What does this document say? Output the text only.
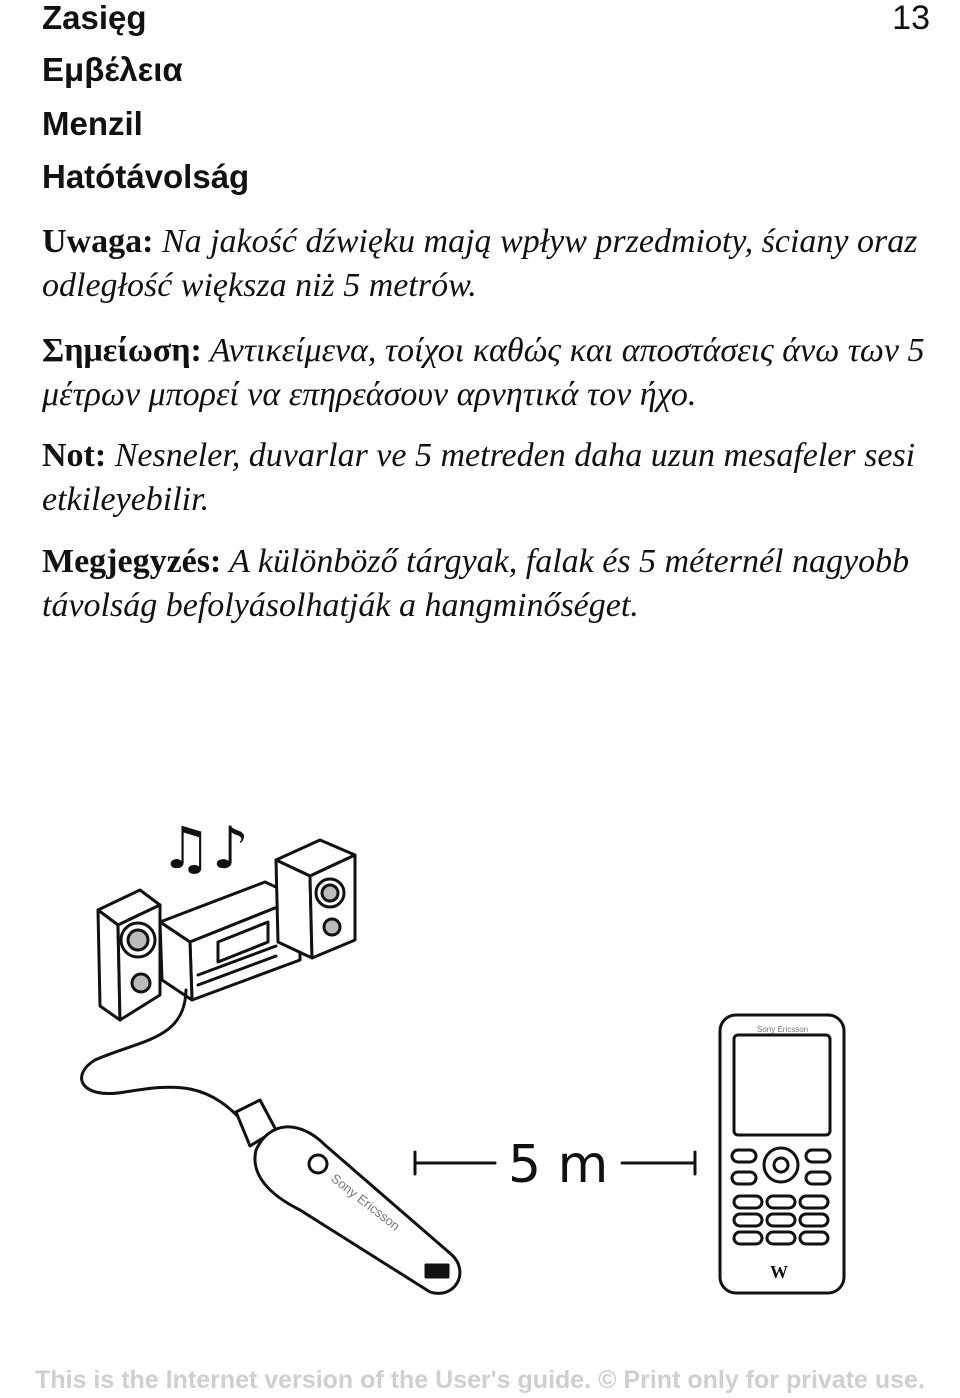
13
Zasięg
Εμβέλεια
Menzil
Hatótávolság

Uwaga: Na jakość dźwięku mają wpływ przedmioty, ściany oraz odległość większa niż 5 metrów.

Σημείωση: Αντικείμενα, τοίχοι καθώς και αποστάσεις άνω των 5 μέτρων μπορεί να επηρεάσουν αρνητικά τον ήχο.

Not: Nesneler, duvarlar ve 5 metreden daha uzun mesafeler sesi etkileyebilir.

Megjegyzés: A különböző tárgyak, falak és 5 méternél nagyobb távolság befolyásolhatják a hangminőséget.

♫♪
Sony Ericsson
5 m
Sony Ericsson
W
This is the Internet version of the User's guide. © Print only for private use.
